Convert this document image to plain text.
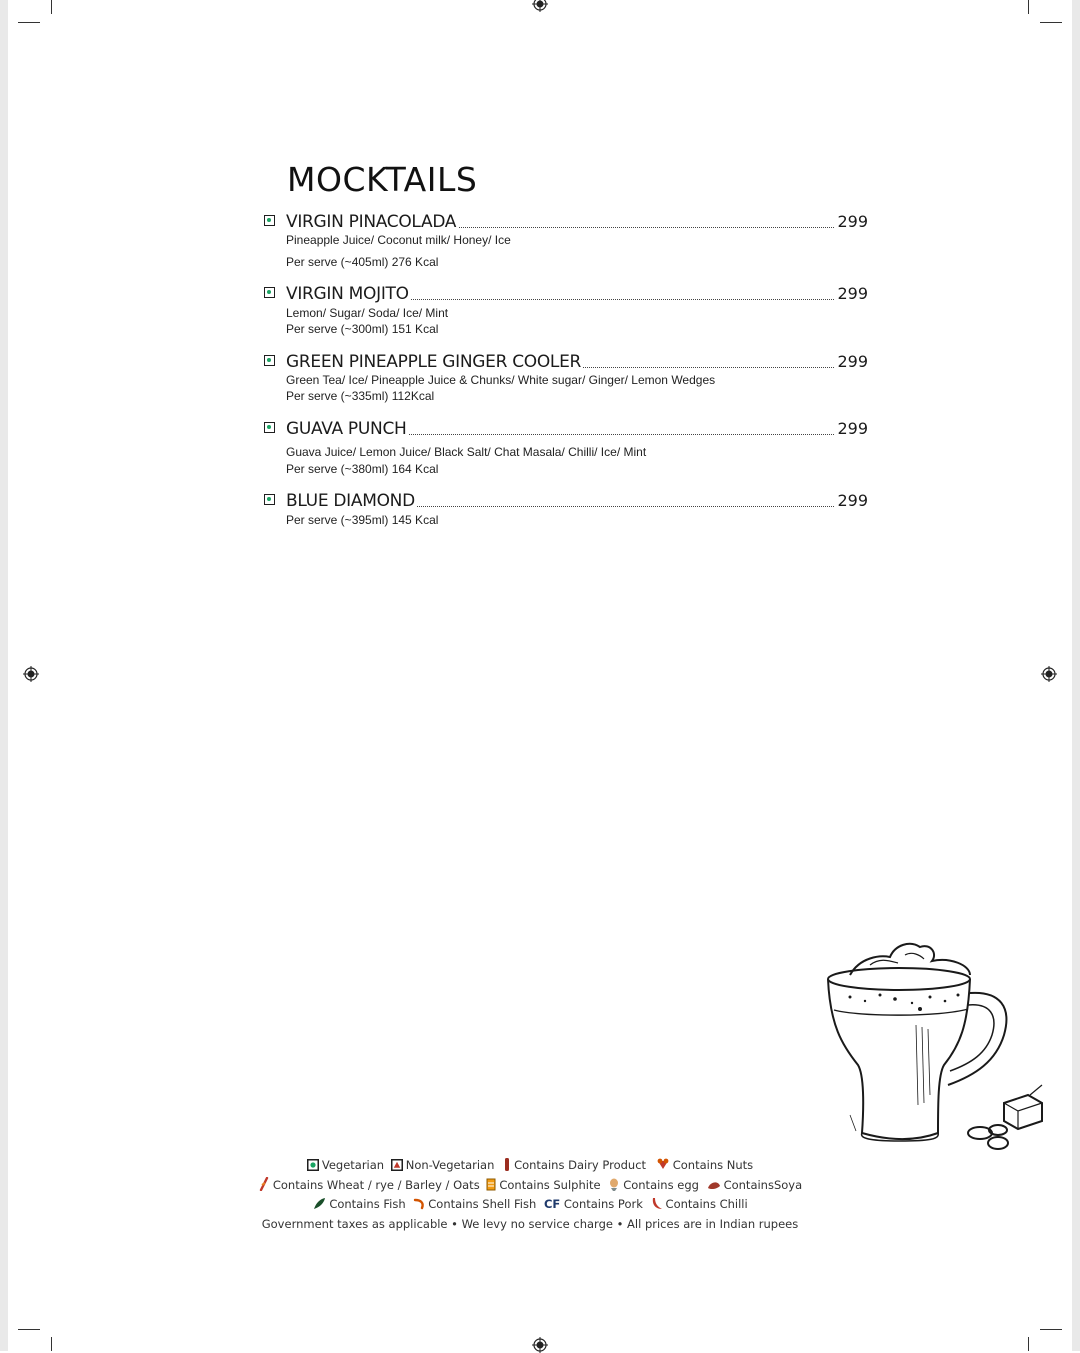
MOCKTAILS
VIRGIN PINACOLADA	299
Pineapple Juice/ Coconut milk/ Honey/ Ice
Per serve (~405ml) 276 Kcal
VIRGIN MOJITO	299
Lemon/ Sugar/ Soda/ Ice/ Mint
Per serve (~300ml) 151 Kcal
GREEN PINEAPPLE GINGER COOLER	299
Green Tea/ Ice/ Pineapple Juice & Chunks/ White sugar/ Ginger/ Lemon Wedges
Per serve (~335ml) 112Kcal
GUAVA PUNCH	299
Guava Juice/ Lemon Juice/ Black Salt/ Chat Masala/ Chilli/ Ice/ Mint
Per serve (~380ml) 164 Kcal
BLUE DIAMOND	299
Per serve (~395ml) 145 Kcal
Vegetarian Non-Vegetarian Contains Dairy Product Contains Nuts
Contains Wheat / rye / Barley / Oats Contains Sulphite Contains egg ContainsSoya
Contains Fish Contains Shell Fish CF Contains Pork Contains Chilli
Government taxes as applicable • We levy no service charge • All prices are in Indian rupees
